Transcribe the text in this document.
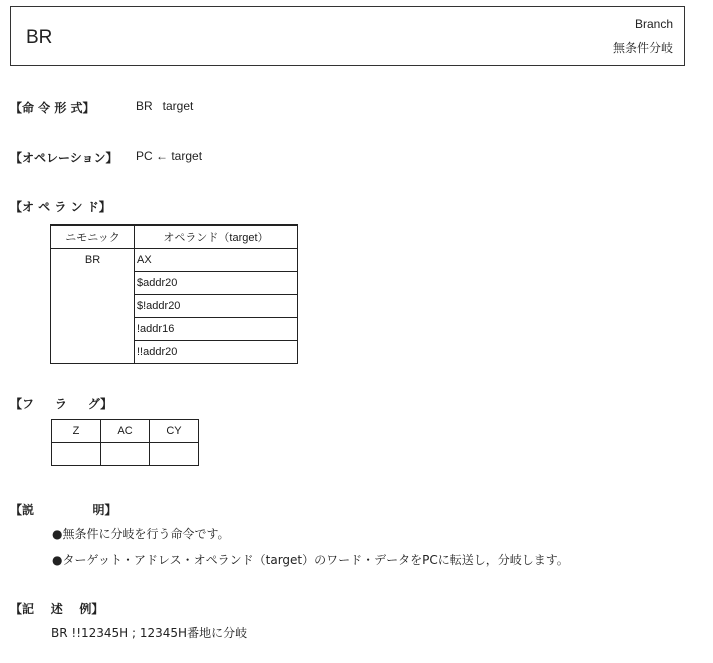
BR
Branch
無条件分岐
【命 令 形 式】	BR   target
【オペレーション】 PC ← target
【オ ペ ラ ン ド】
ニモニック	オペランド（target）
BR	AX
	$addr20
	$!addr20
	!addr16
	!!addr20
【フ     ラ     グ】
Z	AC	CY

【説              明】
●無条件に分岐を行う命令です。
●ターゲット・アドレス・オペランド（target）のワード・データをPCに転送し，分岐します。
【記    述    例】
BR !!12345H ; 12345H番地に分岐
